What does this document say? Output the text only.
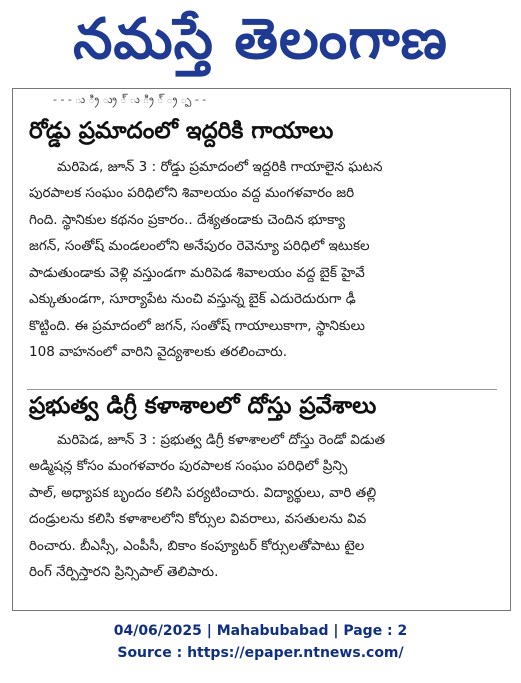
నమస్తే తెలంగాణ
- - - ు ్రి ్రు ్ ు ్రి ్ ్ర ్ప - -
రోడ్డు ప్రమాదంలో ఇద్దరికి గాయాలు

మరిపెడ, జూన్ 3 : రోడ్డు ప్రమాదంలో ఇద్దరికి గాయాలైన ఘటన

పురపాలక సంఘం పరిధిలోని శివాలయం వద్ద మంగళవారం జరి

గింది. స్థానికుల కథనం ప్రకారం.. దేశ్యతండాకు చెందిన భూక్యా

జగన్, సంతోష్ మండలంలోని అనేపురం రెవెన్యూ పరిధిలో ఇటుకల

పాడుతుండాకు వెళ్లి వస్తుండగా మరిపెడ శివాలయం వద్ద బైక్ హైవే

ఎక్కుతుండగా, సూర్యాపేట నుంచి వస్తున్న బైక్ ఎదురెదురుగా ఢీ

కొట్టింది. ఈ ప్రమాదంలో జగన్, సంతోష్ గాయాలుకాగా, స్థానికులు

108 వాహనంలో వారిని వైద్యశాలకు తరలించారు.

ప్రభుత్వ డిగ్రీ కళాశాలలో దోస్తు ప్రవేశాలు

మరిపెడ, జూన్ 3 : ప్రభుత్వ డిగ్రీ కళాశాలలో దోస్తు రెండో విడుత

అడ్మిషన్ల కోసం మంగళవారం పురపాలక సంఘం పరిధిలో ప్రిన్సి

పాల్, అధ్యాపక బృందం కలిసి పర్యటించారు. విద్యార్థులు, వారి తల్లి

దండ్రులను కలిసి కళాశాలలోని కోర్సుల వివరాలు, వసతులను వివ

రించారు. బీఎస్సీ, ఎంపీసీ, బికాం కంప్యూటర్ కోర్సులతోపాటు టైల

రింగ్ నేర్పిస్తారని ప్రిన్సిపాల్ తెలిపారు.

04/06/2025 | Mahabubabad | Page : 2
Source : https://epaper.ntnews.com/
